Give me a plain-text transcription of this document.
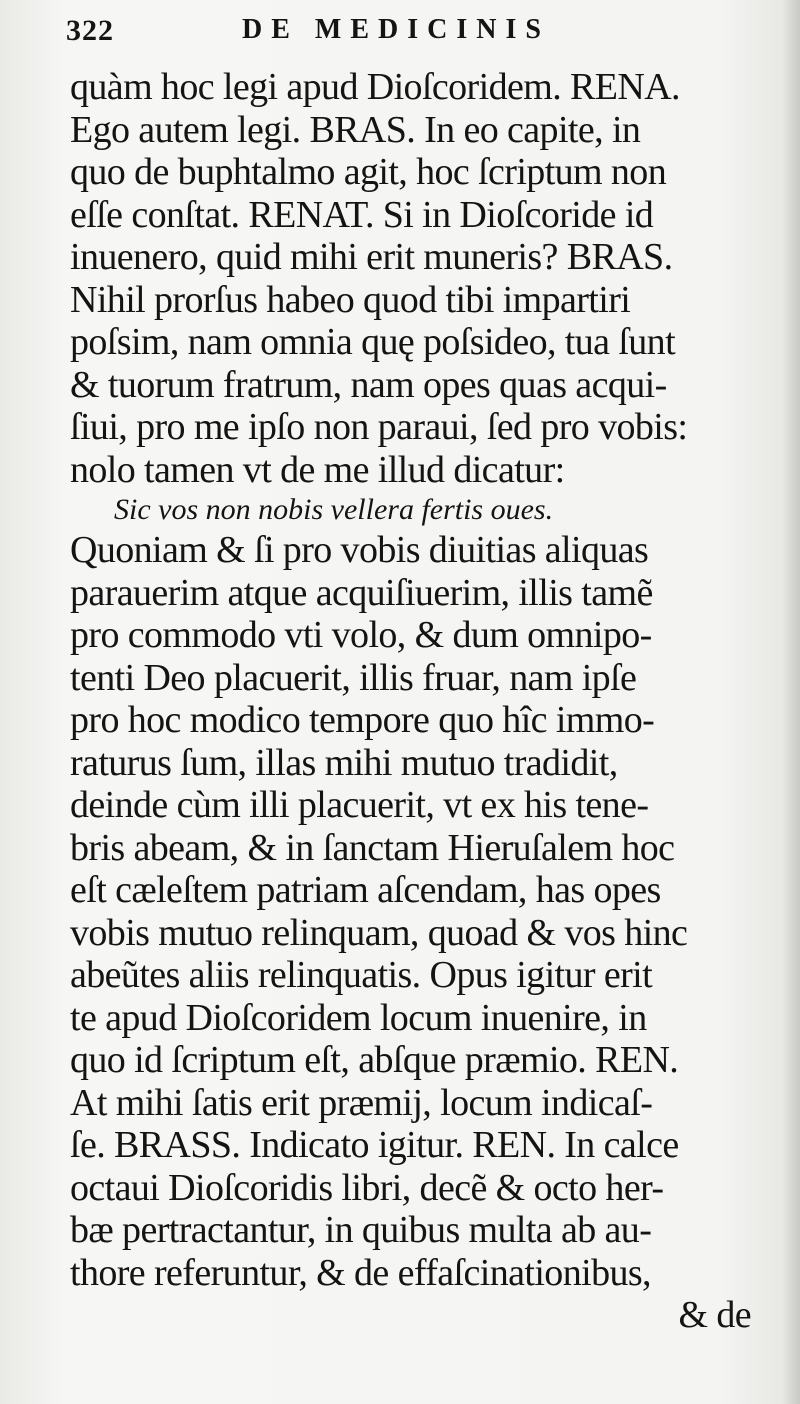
322	DE MEDICINIS
quàm hoc legi apud Dioſcoridem. RENA.
Ego autem legi. BRAS. In eo capite, in
quo de buphtalmo agit, hoc ſcriptum non
eſſe conſtat. RENAT. Si in Dioſcoride id
inuenero, quid mihi erit muneris? BRAS.
Nihil prorſus habeo quod tibi impartiri
poſsim, nam omnia quę poſsideo, tua ſunt
& tuorum fratrum, nam opes quas acqui-
ſiui, pro me ipſo non paraui, ſed pro vobis:
nolo tamen vt de me illud dicatur:
Sic vos non nobis vellera fertis oues.
Quoniam & ſi pro vobis diuitias aliquas
parauerim atque acquiſiuerim, illis tamẽ
pro commodo vti volo, & dum omnipo-
tenti Deo placuerit, illis fruar, nam ipſe
pro hoc modico tempore quo hîc immo-
raturus ſum, illas mihi mutuo tradidit,
deinde cùm illi placuerit, vt ex his tene-
bris abeam, & in ſanctam Hieruſalem hoc
eſt cæleſtem patriam aſcendam, has opes
vobis mutuo relinquam, quoad & vos hinc
abeũtes aliis relinquatis. Opus igitur erit
te apud Dioſcoridem locum inuenire, in
quo id ſcriptum eſt, abſque præmio. REN.
At mihi ſatis erit præmij, locum indicaſ-
ſe. BRASS. Indicato igitur. REN. In calce
octaui Dioſcoridis libri, decẽ & octo her-
bæ pertractantur, in quibus multa ab au-
thore referuntur, & de effaſcinationibus,
& de
